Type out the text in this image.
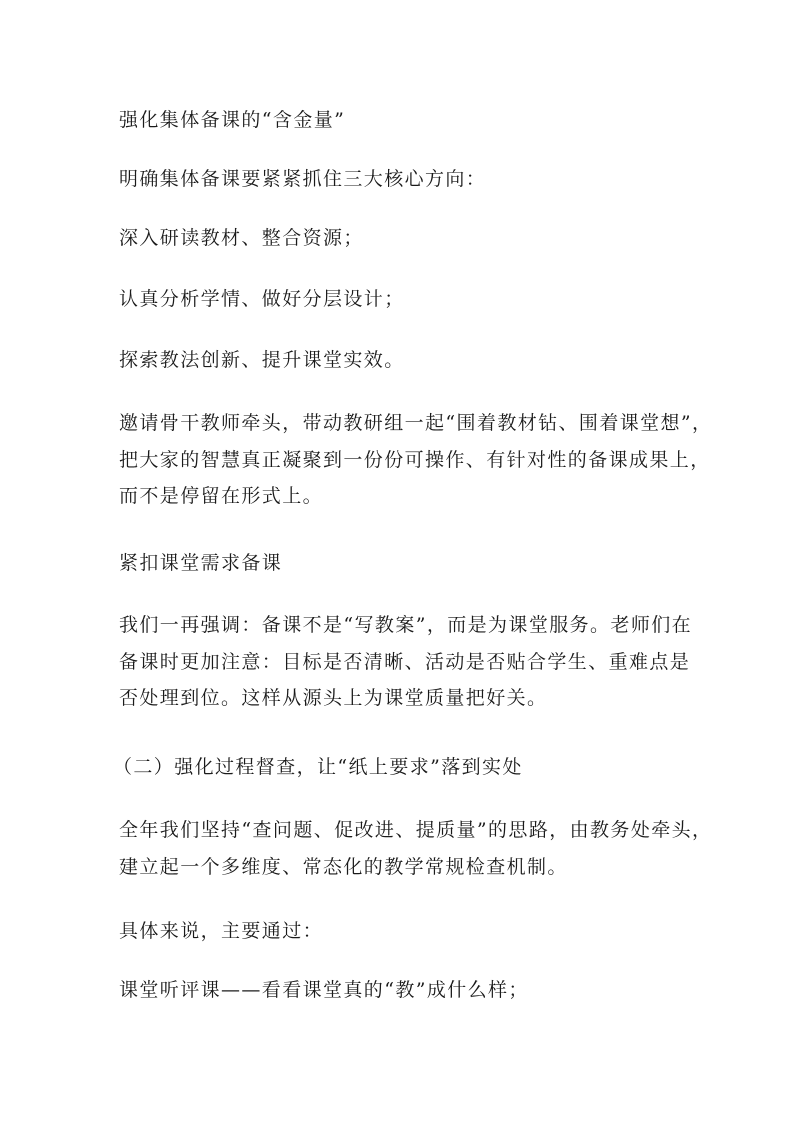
强化集体备课的“含金量”

明确集体备课要紧紧抓住三大核心方向：

深入研读教材、整合资源；

认真分析学情、做好分层设计；

探索教法创新、提升课堂实效。

邀请骨干教师牵头，带动教研组一起“围着教材钻、围着课堂想”，
把大家的智慧真正凝聚到一份份可操作、有针对性的备课成果上，
而不是停留在形式上。

紧扣课堂需求备课

我们一再强调：备课不是“写教案”，而是为课堂服务。老师们在
备课时更加注意：目标是否清晰、活动是否贴合学生、重难点是
否处理到位。这样从源头上为课堂质量把好关。

（二）强化过程督查，让“纸上要求”落到实处

全年我们坚持“查问题、促改进、提质量”的思路，由教务处牵头，
建立起一个多维度、常态化的教学常规检查机制。

具体来说，主要通过：

课堂听评课——看看课堂真的“教”成什么样；
